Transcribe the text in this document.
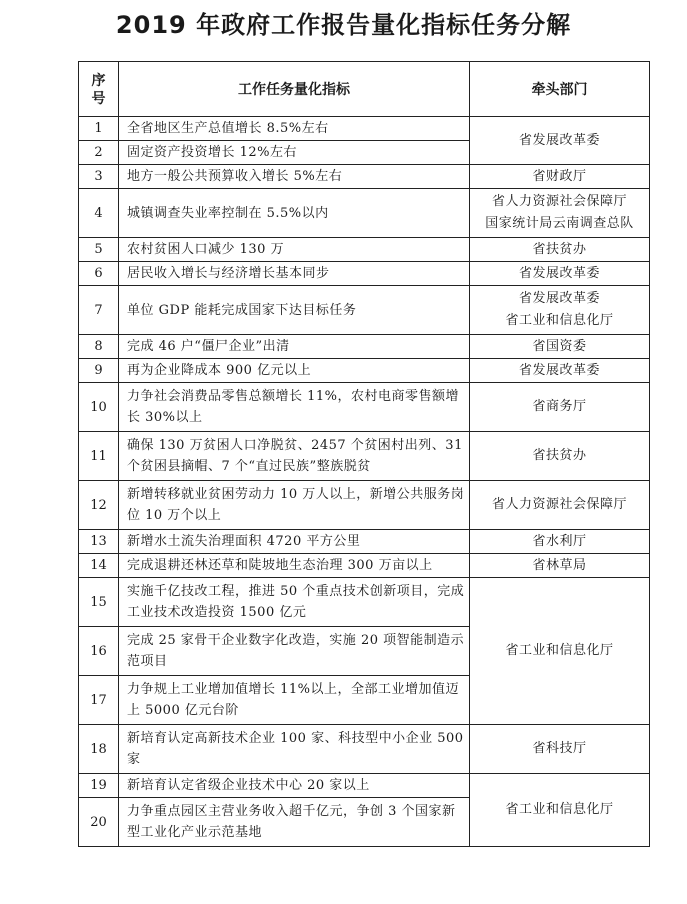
2019 年政府工作报告量化指标任务分解
序
号	工作任务量化指标	牵头部门
1	全省地区生产总值增长 8.5%左右	省发展改革委
2	固定资产投资增长 12%左右	
3	地方一般公共预算收入增长 5%左右	省财政厅
4	城镇调查失业率控制在 5.5%以内	省人力资源社会保障厅
国家统计局云南调查总队
5	农村贫困人口减少 130 万	省扶贫办
6	居民收入增长与经济增长基本同步	省发展改革委
7	单位 GDP 能耗完成国家下达目标任务	省发展改革委
省工业和信息化厅
8	完成 46 户“僵尸企业”出清	省国资委
9	再为企业降成本 900 亿元以上	省发展改革委
10	力争社会消费品零售总额增长 11%，农村电商零售额增长 30%以上	省商务厅
11	确保 130 万贫困人口净脱贫、2457 个贫困村出列、31 个贫困县摘帽、7 个“直过民族”整族脱贫	省扶贫办
12	新增转移就业贫困劳动力 10 万人以上，新增公共服务岗位 10 万个以上	省人力资源社会保障厅
13	新增水土流失治理面积 4720 平方公里	省水利厅
14	完成退耕还林还草和陡坡地生态治理 300 万亩以上	省林草局
15	实施千亿技改工程，推进 50 个重点技术创新项目，完成工业技术改造投资 1500 亿元	省工业和信息化厅
16	完成 25 家骨干企业数字化改造，实施 20 项智能制造示范项目	
17	力争规上工业增加值增长 11%以上，全部工业增加值迈上 5000 亿元台阶	
18	新培育认定高新技术企业 100 家、科技型中小企业 500 家	省科技厅
19	新培育认定省级企业技术中心 20 家以上	省工业和信息化厅
20	力争重点园区主营业务收入超千亿元，争创 3 个国家新型工业化产业示范基地	
